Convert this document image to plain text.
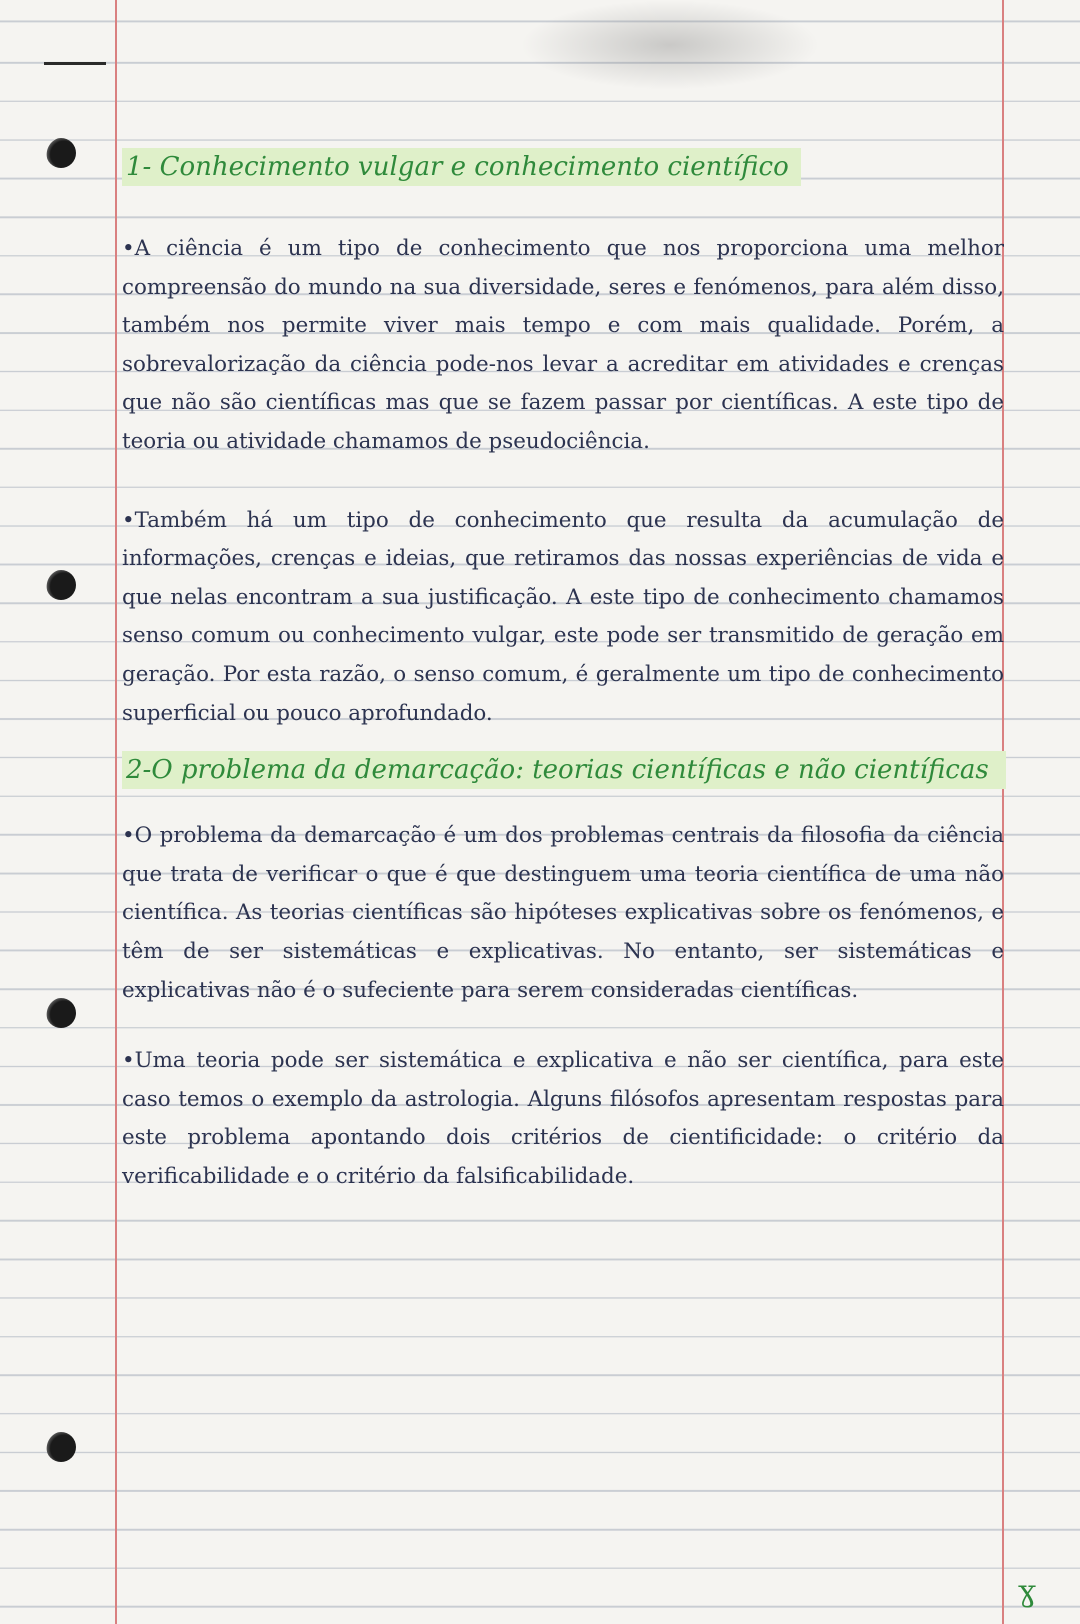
1- Conhecimento vulgar e conhecimento científico

•A ciência é um tipo de conhecimento que nos proporciona uma melhor compreensão do mundo na sua diversidade, seres e fenómenos, para além disso, também nos permite viver mais tempo e com mais qualidade. Porém, a sobrevalorização da ciência pode-nos levar a acreditar em atividades e crenças que não são científicas mas que se fazem passar por científicas. A este tipo de teoria ou atividade chamamos de pseudociência.

•Também há um tipo de conhecimento que resulta da acumulação de informações, crenças e ideias, que retiramos das nossas experiências de vida e que nelas encontram a sua justificação. A este tipo de conhecimento chamamos senso comum ou conhecimento vulgar, este pode ser transmitido de geração em geração. Por esta razão, o senso comum, é geralmente um tipo de conhecimento superficial ou pouco aprofundado.

2-O problema da demarcação: teorias científicas e não científicas

•O problema da demarcação é um dos problemas centrais da filosofia da ciência que trata de verificar o que é que destinguem uma teoria científica de uma não científica. As teorias científicas são hipóteses explicativas sobre os fenómenos, e têm de ser sistemáticas e explicativas. No entanto, ser sistemáticas e explicativas não é o sufeciente para serem consideradas científicas.

•Uma teoria pode ser sistemática e explicativa e não ser científica, para este caso temos o exemplo da astrologia. Alguns filósofos apresentam respostas para este problema apontando dois critérios de cientificidade: o critério da verificabilidade e o critério da falsificabilidade.

ɣ
